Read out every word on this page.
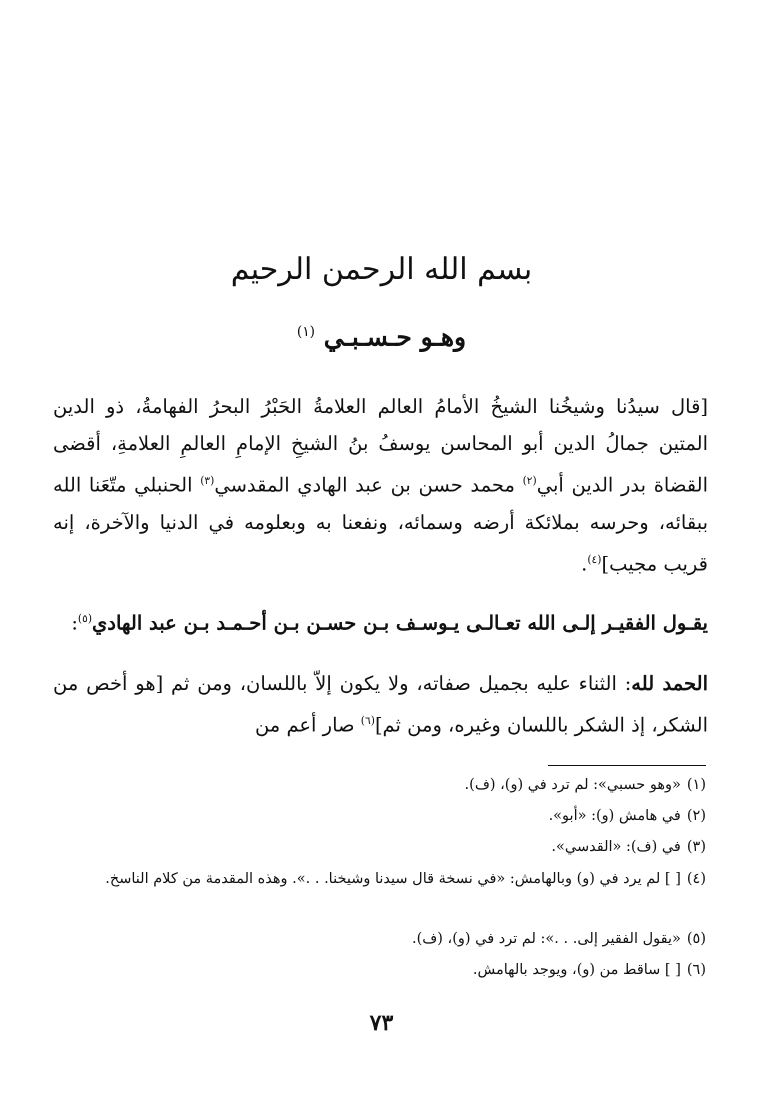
بسم الله الرحمن الرحيم
وهـو حـسـبـي $^{(١)}$
[قال سيدُنا وشيخُنا الشيخُ الأمامُ العالم العلامةُ الحَبْرُ البحرُ الفهامةُ، ذو الدين المتين جمالُ الدين أبو المحاسن يوسفُ بنُ الشيخِ الإمامِ العالمِ العلامةِ، أقضى القضاة بدر الدين أبي$^{(٢)}$ محمد حسن بن عبد الهادي المقدسي$^{(٣)}$ الحنبلي متّعَنا الله ببقائه، وحرسه بملائكة أرضه وسمائه، ونفعنا به وبعلومه في الدنيا والآخرة، إنه قريب مجيب]$^{(٤)}$.
يقـول الفقيـر إلـى الله تعـالـى يـوسـف بـن حسـن بـن أحـمـد بـن عبد الهادي$^{(٥)}$:
الحمد لله: الثناء عليه بجميل صفاته، ولا يكون إلاّ باللسان، ومن ثم [هو أخص من الشكر، إذ الشكر باللسان وغيره، ومن ثم]$^{(٦)}$ صار أعم من
(١)«وهو حسبي»: لم ترد في (و)، (ف).
(٢)في هامش (و): «أبو».
(٣)في (ف): «القدسي».
(٤)[ ] لم يرد في (و) وبالهامش: «في نسخة قال سيدنا وشيخنا. . .». وهذه المقدمة من كلام الناسخ.
(٥)«يقول الفقير إلى. . .»: لم ترد في (و)، (ف).
(٦)[ ] ساقط من (و)، ويوجد بالهامش.
٧٣
